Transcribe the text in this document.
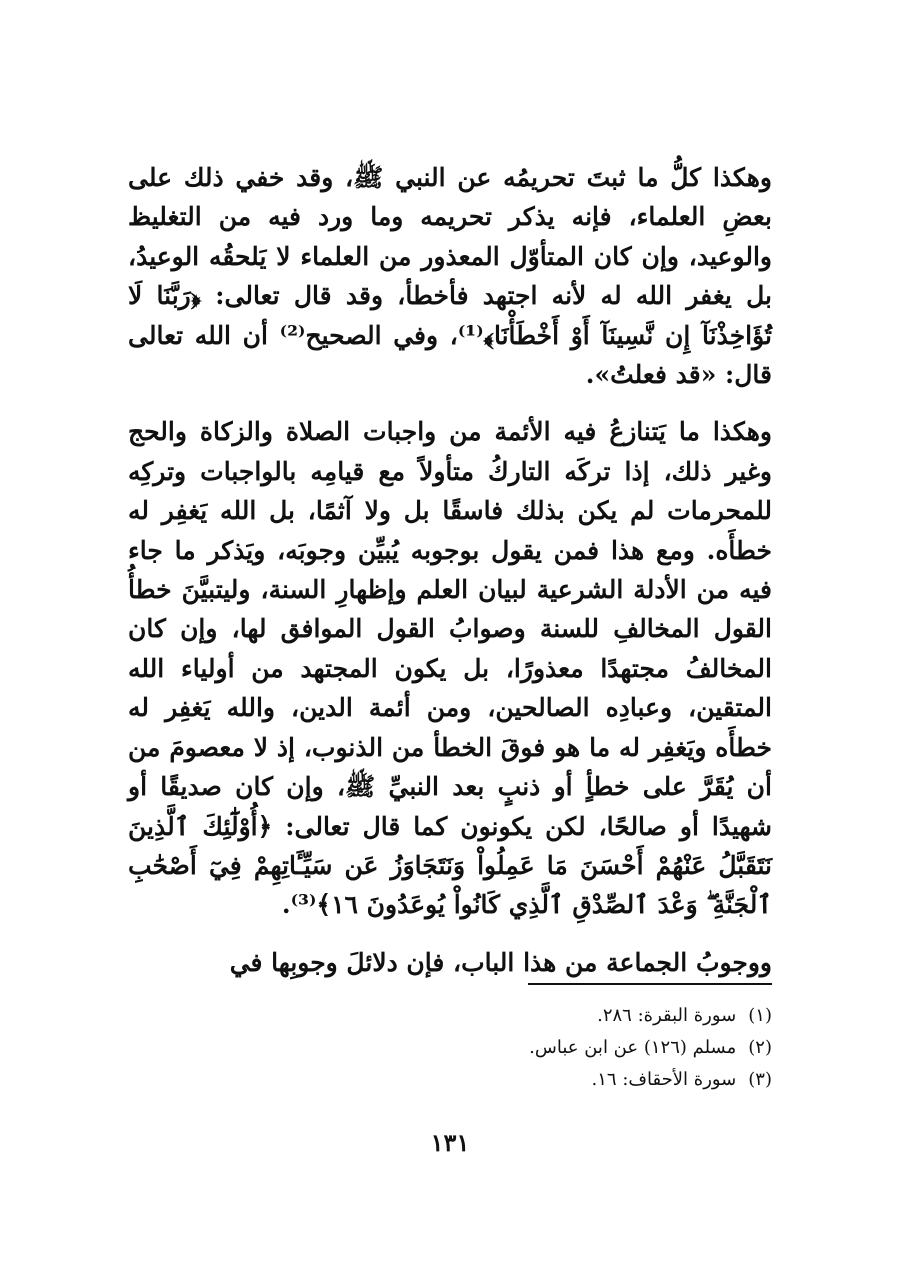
وهكذا كلُّ ما ثبتَ تحريمُه عن النبي ﷺ، وقد خفي ذلك على بعضِ العلماء، فإنه يذكر تحريمه وما ورد فيه من التغليظ والوعيد، وإن كان المتأوّل المعذور من العلماء لا يَلحقُه الوعيدُ، بل يغفر الله له لأنه اجتهد فأخطأ، وقد قال تعالى: ﴿رَبَّنَا لَا تُؤَاخِذْنَآ إِن نَّسِينَآ أَوْ أَخْطَأْنَا﴾⁽¹⁾، وفي الصحيح⁽²⁾ أن الله تعالى قال: «قد فعلتُ».

وهكذا ما يَتنازعُ فيه الأئمة من واجبات الصلاة والزكاة والحج وغير ذلك، إذا تركَه التاركُ متأولاً مع قيامِه بالواجبات وتركِه للمحرمات لم يكن بذلك فاسقًا بل ولا آثمًا، بل الله يَغفِر له خطأَه. ومع هذا فمن يقول بوجوبه يُبيِّن وجوبَه، ويَذكر ما جاء فيه من الأدلة الشرعية لبيان العلم وإظهارِ السنة، وليتبيَّنَ خطأُ القول المخالفِ للسنة وصوابُ القول الموافق لها، وإن كان المخالفُ مجتهدًا معذورًا، بل يكون المجتهد من أولياء الله المتقين، وعبادِه الصالحين، ومن أئمة الدين، والله يَغفِر له خطأَه ويَغفِر له ما هو فوقَ الخطأ من الذنوب، إذ لا معصومَ من أن يُقَرَّ على خطأٍ أو ذنبٍ بعد النبيِّ ﷺ، وإن كان صديقًا أو شهيدًا أو صالحًا، لكن يكونون كما قال تعالى: ﴿أُوْلَٰٓئِكَ ٱلَّذِينَ نَتَقَبَّلُ عَنْهُمْ أَحْسَنَ مَا عَمِلُواْ وَنَتَجَاوَزُ عَن سَيِّـَٔاتِهِمْ فِيٓ أَصْحَٰبِ ٱلْجَنَّةِ ۖ وَعْدَ ٱلصِّدْقِ ٱلَّذِي كَانُواْ يُوعَدُونَ ١٦﴾⁽³⁾.

ووجوبُ الجماعة من هذا الباب، فإن دلائلَ وجوبِها في

(١)
سورة البقرة: ٢٨٦.

(٢)
مسلم (١٢٦) عن ابن عباس.

(٣)
سورة الأحقاف: ١٦.

١٣١
